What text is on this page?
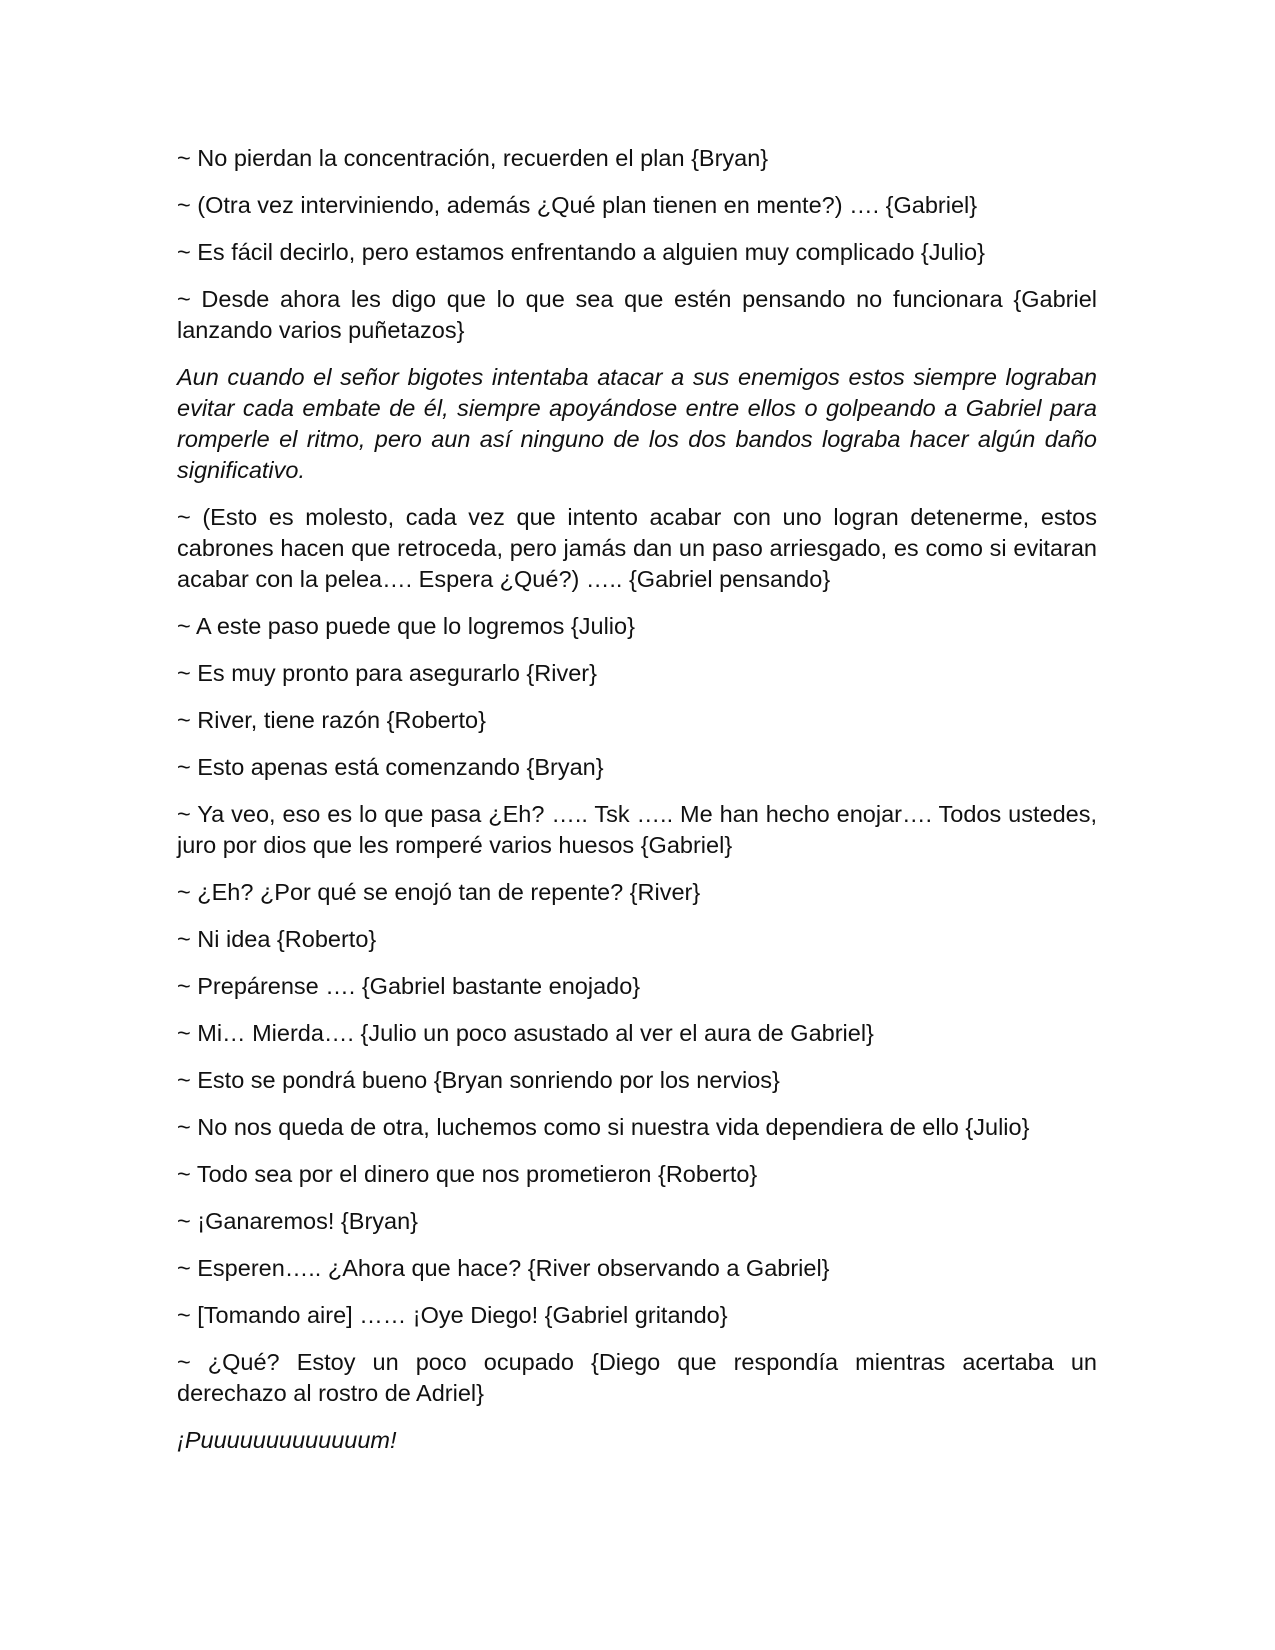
~ No pierdan la concentración, recuerden el plan {Bryan}

~ (Otra vez interviniendo, además ¿Qué plan tienen en mente?) …. {Gabriel}

~ Es fácil decirlo, pero estamos enfrentando a alguien muy complicado {Julio}

~ Desde ahora les digo que lo que sea que estén pensando no funcionara {Gabriel lanzando varios puñetazos}

Aun cuando el señor bigotes intentaba atacar a sus enemigos estos siempre lograban evitar cada embate de él, siempre apoyándose entre ellos o golpeando a Gabriel para romperle el ritmo, pero aun así ninguno de los dos bandos lograba hacer algún daño significativo.

~ (Esto es molesto, cada vez que intento acabar con uno logran detenerme, estos cabrones hacen que retroceda, pero jamás dan un paso arriesgado, es como si evitaran acabar con la pelea…. Espera ¿Qué?) ….. {Gabriel pensando}

~ A este paso puede que lo logremos {Julio}

~ Es muy pronto para asegurarlo {River}

~ River, tiene razón {Roberto}

~ Esto apenas está comenzando {Bryan}

~ Ya veo, eso es lo que pasa ¿Eh? ….. Tsk ….. Me han hecho enojar…. Todos ustedes, juro por dios que les romperé varios huesos {Gabriel}

~ ¿Eh? ¿Por qué se enojó tan de repente? {River}

~ Ni idea {Roberto}

~ Prepárense …. {Gabriel bastante enojado}

~ Mi… Mierda…. {Julio un poco asustado al ver el aura de Gabriel}

~ Esto se pondrá bueno {Bryan sonriendo por los nervios}

~ No nos queda de otra, luchemos como si nuestra vida dependiera de ello {Julio}

~ Todo sea por el dinero que nos prometieron {Roberto}

~ ¡Ganaremos! {Bryan}

~ Esperen….. ¿Ahora que hace? {River observando a Gabriel}

~ [Tomando aire] …… ¡Oye Diego! {Gabriel gritando}

~ ¿Qué? Estoy un poco ocupado {Diego que respondía mientras acertaba un derechazo al rostro de Adriel}

¡Puuuuuuuuuuuuum!
